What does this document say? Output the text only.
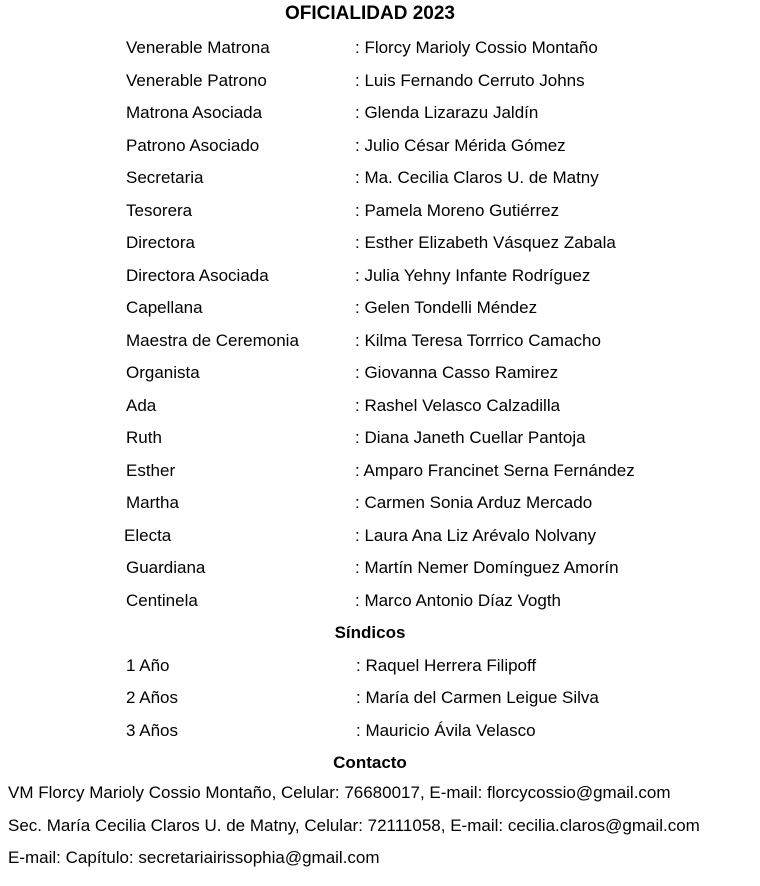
OFICIALIDAD 2023
Venerable Matrona	: Florcy Marioly Cossio Montaño
Venerable Patrono	: Luis Fernando Cerruto Johns
Matrona Asociada	: Glenda Lizarazu Jaldín
Patrono Asociado	: Julio César Mérida Gómez
Secretaria	: Ma. Cecilia Claros U. de Matny
Tesorera	: Pamela Moreno Gutiérrez
Directora	: Esther Elizabeth Vásquez Zabala
Directora Asociada	: Julia Yehny Infante Rodríguez
Capellana	: Gelen Tondelli Méndez
Maestra de Ceremonia	: Kilma Teresa Torrrico Camacho
Organista	: Giovanna Casso Ramirez
Ada	: Rashel Velasco Calzadilla
Ruth	: Diana Janeth Cuellar Pantoja
Esther	: Amparo Francinet Serna Fernández
Martha	: Carmen Sonia Arduz Mercado
Electa	: Laura Ana Liz Arévalo Nolvany
Guardiana	: Martín Nemer Domínguez Amorín
Centinela	: Marco Antonio Díaz Vogth
Síndicos
1 Año	: Raquel Herrera Filipoff
2 Años	: María del Carmen Leigue Silva
3 Años	: Mauricio Ávila Velasco
Contacto
VM Florcy Marioly Cossio Montaño, Celular: 76680017, E-mail: florcycossio@gmail.com
Sec. María Cecilia Claros U. de Matny, Celular: 72111058, E-mail: cecilia.claros@gmail.com
E-mail: Capítulo: secretariairissophia@gmail.com
